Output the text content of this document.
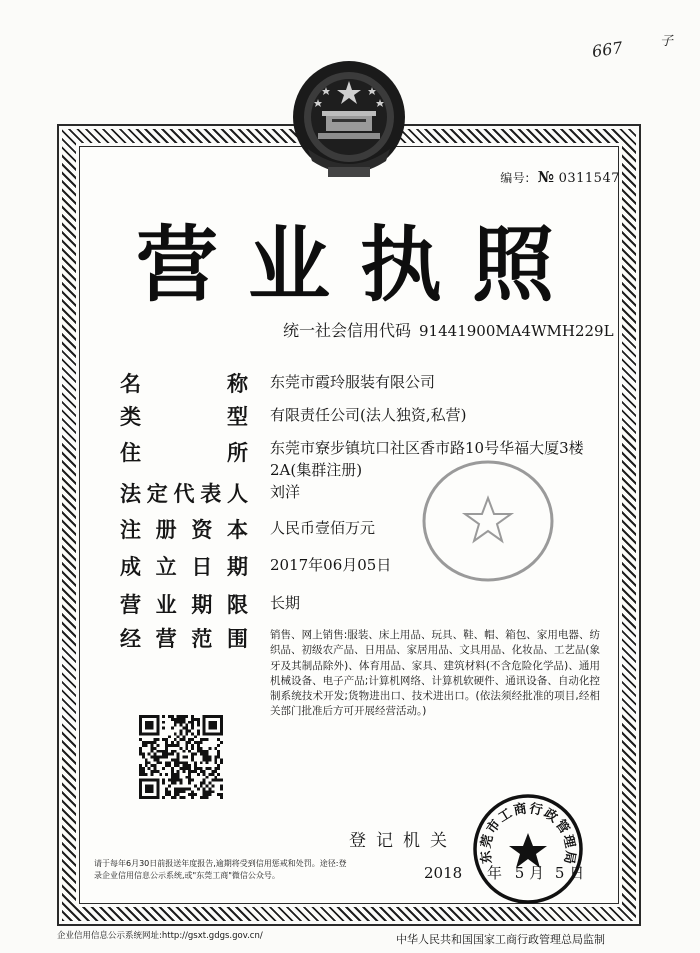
667	子
编号: № 0311547
营业执照
统一社会信用代码 91441900MA4WMH229L
名	称 东莞市霞玲服装有限公司
类	型 有限责任公司(法人独资,私营)
住	所 东莞市寮步镇坑口社区香市路10号华福大厦3楼2A(集群注册)
法 定 代 表 人 刘洋
注 册 资 本 人民币壹佰万元
成 立 日 期 2017年06月05日
营 业 期 限 长期
经 营 范 围 销售、网上销售:服装、床上用品、玩具、鞋、帽、箱包、家用电器、纺织品、初级农产品、日用品、家居用品、文具用品、化妆品、工艺品(象牙及其制品除外)、体育用品、家具、建筑材料(不含危险化学品)、通用机械设备、电子产品;计算机网络、计算机软硬件、通讯设备、自动化控制系统技术开发;货物进出口、技术进出口。(依法须经批准的项目,经相关部门批准后方可开展经营活动。)
登记机关
2018 年 5 月 5 日
东莞市工商行政管理局
请于每年6月30日前报送年度报告,逾期将受到信用惩戒和处罚。途径:登录企业信用信息公示系统,或"东莞工商"微信公众号。
企业信用信息公示系统网址:http://gsxt.gdgs.gov.cn/	中华人民共和国国家工商行政管理总局监制
